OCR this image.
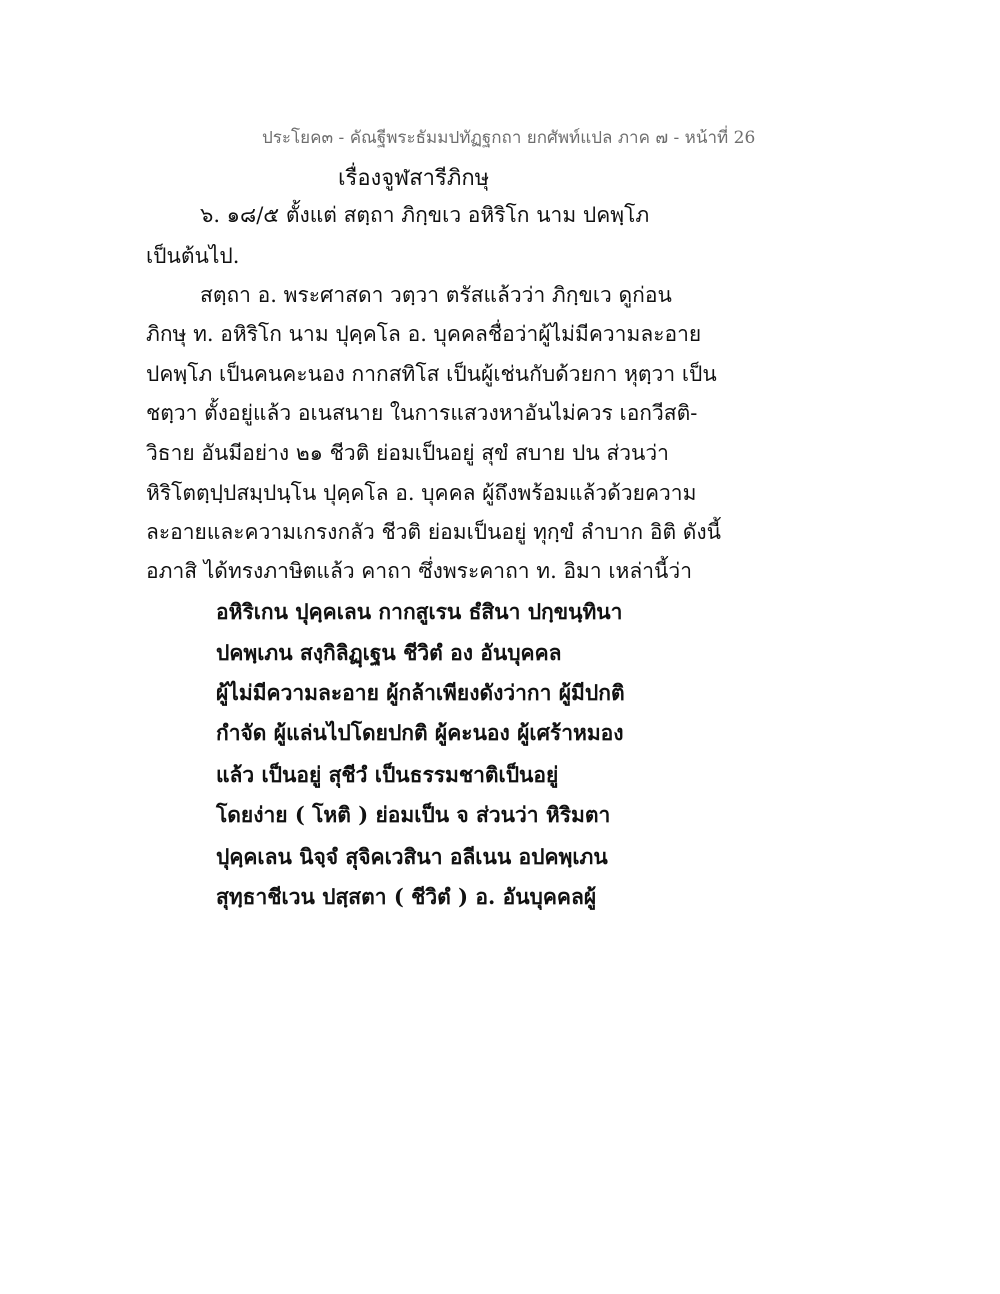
ประโยค๓ - คัณฐีพระธัมมปทัฏฐกถา ยกศัพท์แปล ภาค ๗ - หน้าที่ 26
เรื่องจูฬสารีภิกษุ
๖. ๑๘/๕ ตั้งแต่ สตฺถา ภิกฺขเว อหิริโก นาม ปคพฺโภ
เป็นต้นไป.
สตฺถา อ. พระศาสดา วตฺวา ตรัสแล้วว่า ภิกฺขเว ดูก่อน
ภิกษุ ท. อหิริโก นาม ปุคฺคโล อ. บุคคลชื่อว่าผู้ไม่มีความละอาย
ปคพฺโภ เป็นคนคะนอง กากสทิโส เป็นผู้เช่นกับด้วยกา หุตฺวา เป็น
ชตฺวา ตั้งอยู่แล้ว อเนสนาย ในการแสวงหาอันไม่ควร เอกวีสติ-
วิธาย อันมีอย่าง ๒๑ ชีวติ ย่อมเป็นอยู่ สุขํ สบาย ปน ส่วนว่า
หิริโตตฺปฺปสมฺปนฺโน ปุคฺคโล อ. บุคคล ผู้ถึงพร้อมแล้วด้วยความ
ละอายและความเกรงกลัว ชีวติ ย่อมเป็นอยู่ ทุกฺขํ ลำบาก อิติ ดังนี้
อภาสิ ได้ทรงภาษิตแล้ว คาถา ซึ่งพระคาถา ท. อิมา เหล่านี้ว่า
อหิริเกน ปุคฺคเลน กากสูเรน ธํสินา ปกฺขนฺทินา
ปคพฺเภน สงฺกิลิฏฺเฐน ชีวิตํ อง อันบุคคล
ผู้ไม่มีความละอาย ผู้กล้าเพียงดังว่ากา ผู้มีปกติ
กำจัด ผู้แล่นไปโดยปกติ ผู้คะนอง ผู้เศร้าหมอง
แล้ว เป็นอยู่ สุชีวํ เป็นธรรมชาติเป็นอยู่
โดยง่าย ( โหติ ) ย่อมเป็น จ ส่วนว่า หิริมตา
ปุคฺคเลน นิจฺจํ สุจิคเวสินา อลีเนน อปคพฺเภน
สุทฺธาชีเวน ปสฺสตา ( ชีวิตํ ) อ. อันบุคคลผู้
